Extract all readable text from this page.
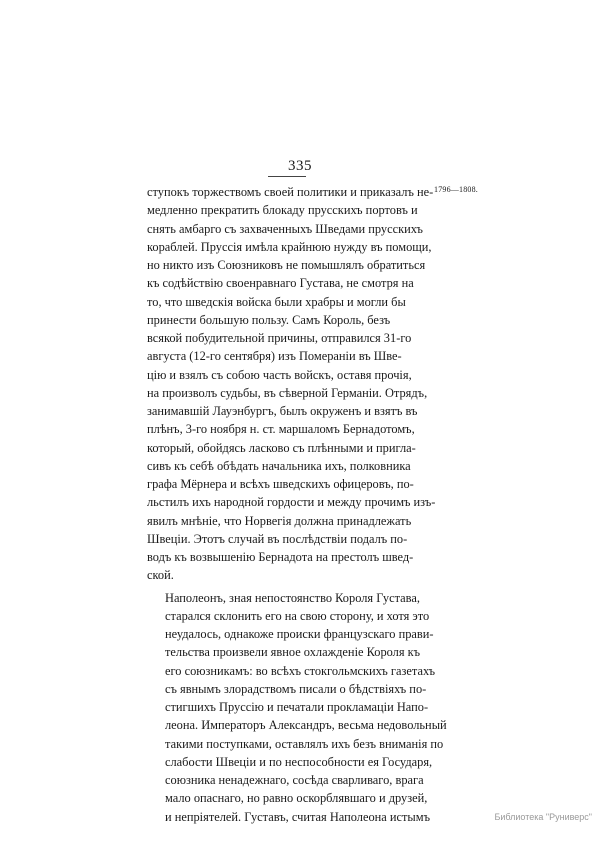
335
1796—1808.

ступокъ торжествомъ своей политики и приказалъ не-
медленно прекратить блокаду прусскихъ портовъ и
снять амбарго съ захваченныхъ Шведами прусскихъ
кораблей. Пруссія имѣла крайнюю нужду въ помощи,
но никто изъ Союзниковъ не помышлялъ обратиться
къ содѣйствію своенравнаго Густава, не смотря на
то, что шведскія войска были храбры и могли бы
принести большую пользу. Самъ Король, безъ
всякой побудительной причины, отправился 31-го
августа (12-го сентября) изъ Помераніи въ Шве-
цію и взялъ съ собою часть войскъ, оставя прочія,
на произволъ судьбы, въ сѣверной Германіи. Отрядъ,
занимавшій Лауэнбургъ, былъ окруженъ и взятъ въ
плѣнъ, 3-го ноября н. ст. маршаломъ Бернадотомъ,
который, обойдясь ласково съ плѣнными и пригла-
сивъ къ себѣ обѣдать начальника ихъ, полковника
графа Мёрнера и всѣхъ шведскихъ офицеровъ, по-
льстилъ ихъ народной гордости и между прочимъ изъ-
явилъ мнѣніе, что Норвегія должна принадлежать
Швеціи. Этотъ случай въ послѣдствіи подалъ по-
водъ къ возвышенію Бернадота на престолъ швед-
ской.

Наполеонъ, зная непостоянство Короля Густава,
старался склонить его на свою сторону, и хотя это
неудалось, однакоже происки французскаго прави-
тельства произвели явное охлажденіе Короля къ
его союзникамъ: во всѣхъ стокгольмскихъ газетахъ
съ явнымъ злорадствомъ писали о бѣдствіяхъ по-
стигшихъ Пруссію и печатали прокламаціи Напо-
леона. Императоръ Александръ, весьма недовольный
такими поступками, оставлялъ ихъ безъ вниманія по
слабости Швеціи и по неспособности ея Государя,
союзника ненадежнаго, сосѣда сварливаго, врага
мало опаснаго, но равно оскорблявшаго и друзей,
и непріятелей. Густавъ, считая Наполеона истымъ	Библиотека "Руниверс"
